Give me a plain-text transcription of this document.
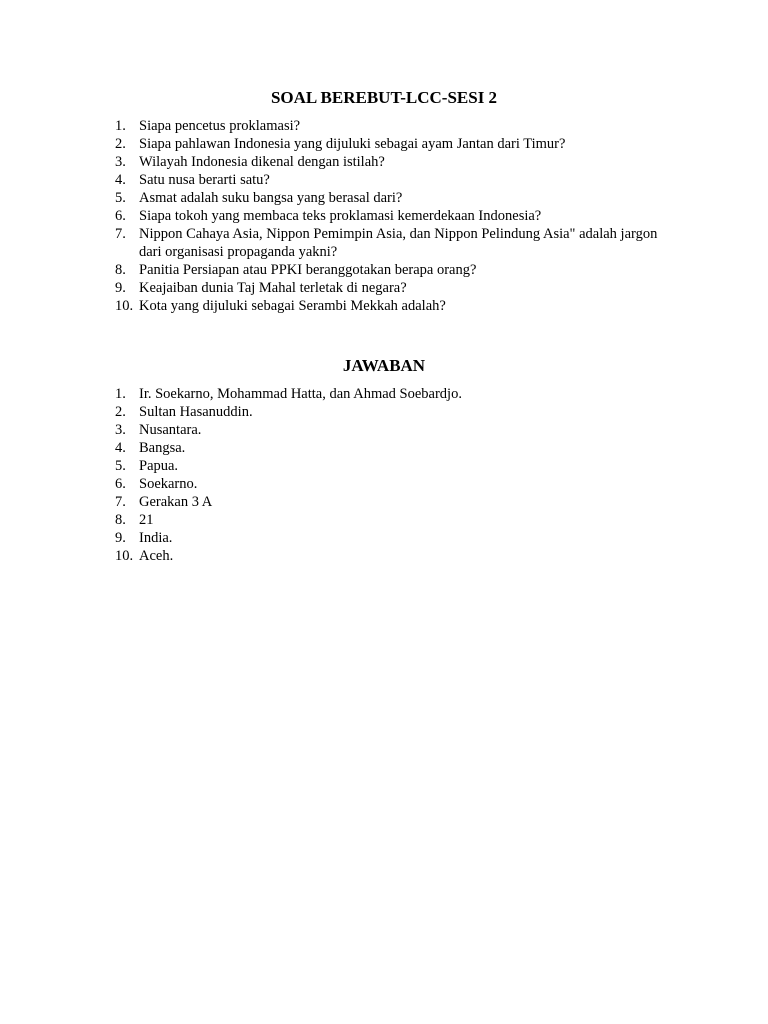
SOAL BEREBUT-LCC-SESI 2
1. Siapa pencetus proklamasi?
2. Siapa pahlawan Indonesia yang dijuluki sebagai ayam Jantan dari Timur?
3. Wilayah Indonesia dikenal dengan istilah?
4. Satu nusa berarti satu?
5. Asmat adalah suku bangsa yang berasal dari?
6. Siapa tokoh yang membaca teks proklamasi kemerdekaan Indonesia?
7. Nippon Cahaya Asia, Nippon Pemimpin Asia, dan Nippon Pelindung Asia" adalah jargon dari organisasi propaganda yakni?
8. Panitia Persiapan atau PPKI beranggotakan berapa orang?
9. Keajaiban dunia Taj Mahal terletak di negara?
10. Kota yang dijuluki sebagai Serambi Mekkah adalah?
JAWABAN
1. Ir. Soekarno, Mohammad Hatta, dan Ahmad Soebardjo.
2. Sultan Hasanuddin.
3. Nusantara.
4. Bangsa.
5. Papua.
6. Soekarno.
7. Gerakan 3 A
8. 21
9. India.
10. Aceh.
